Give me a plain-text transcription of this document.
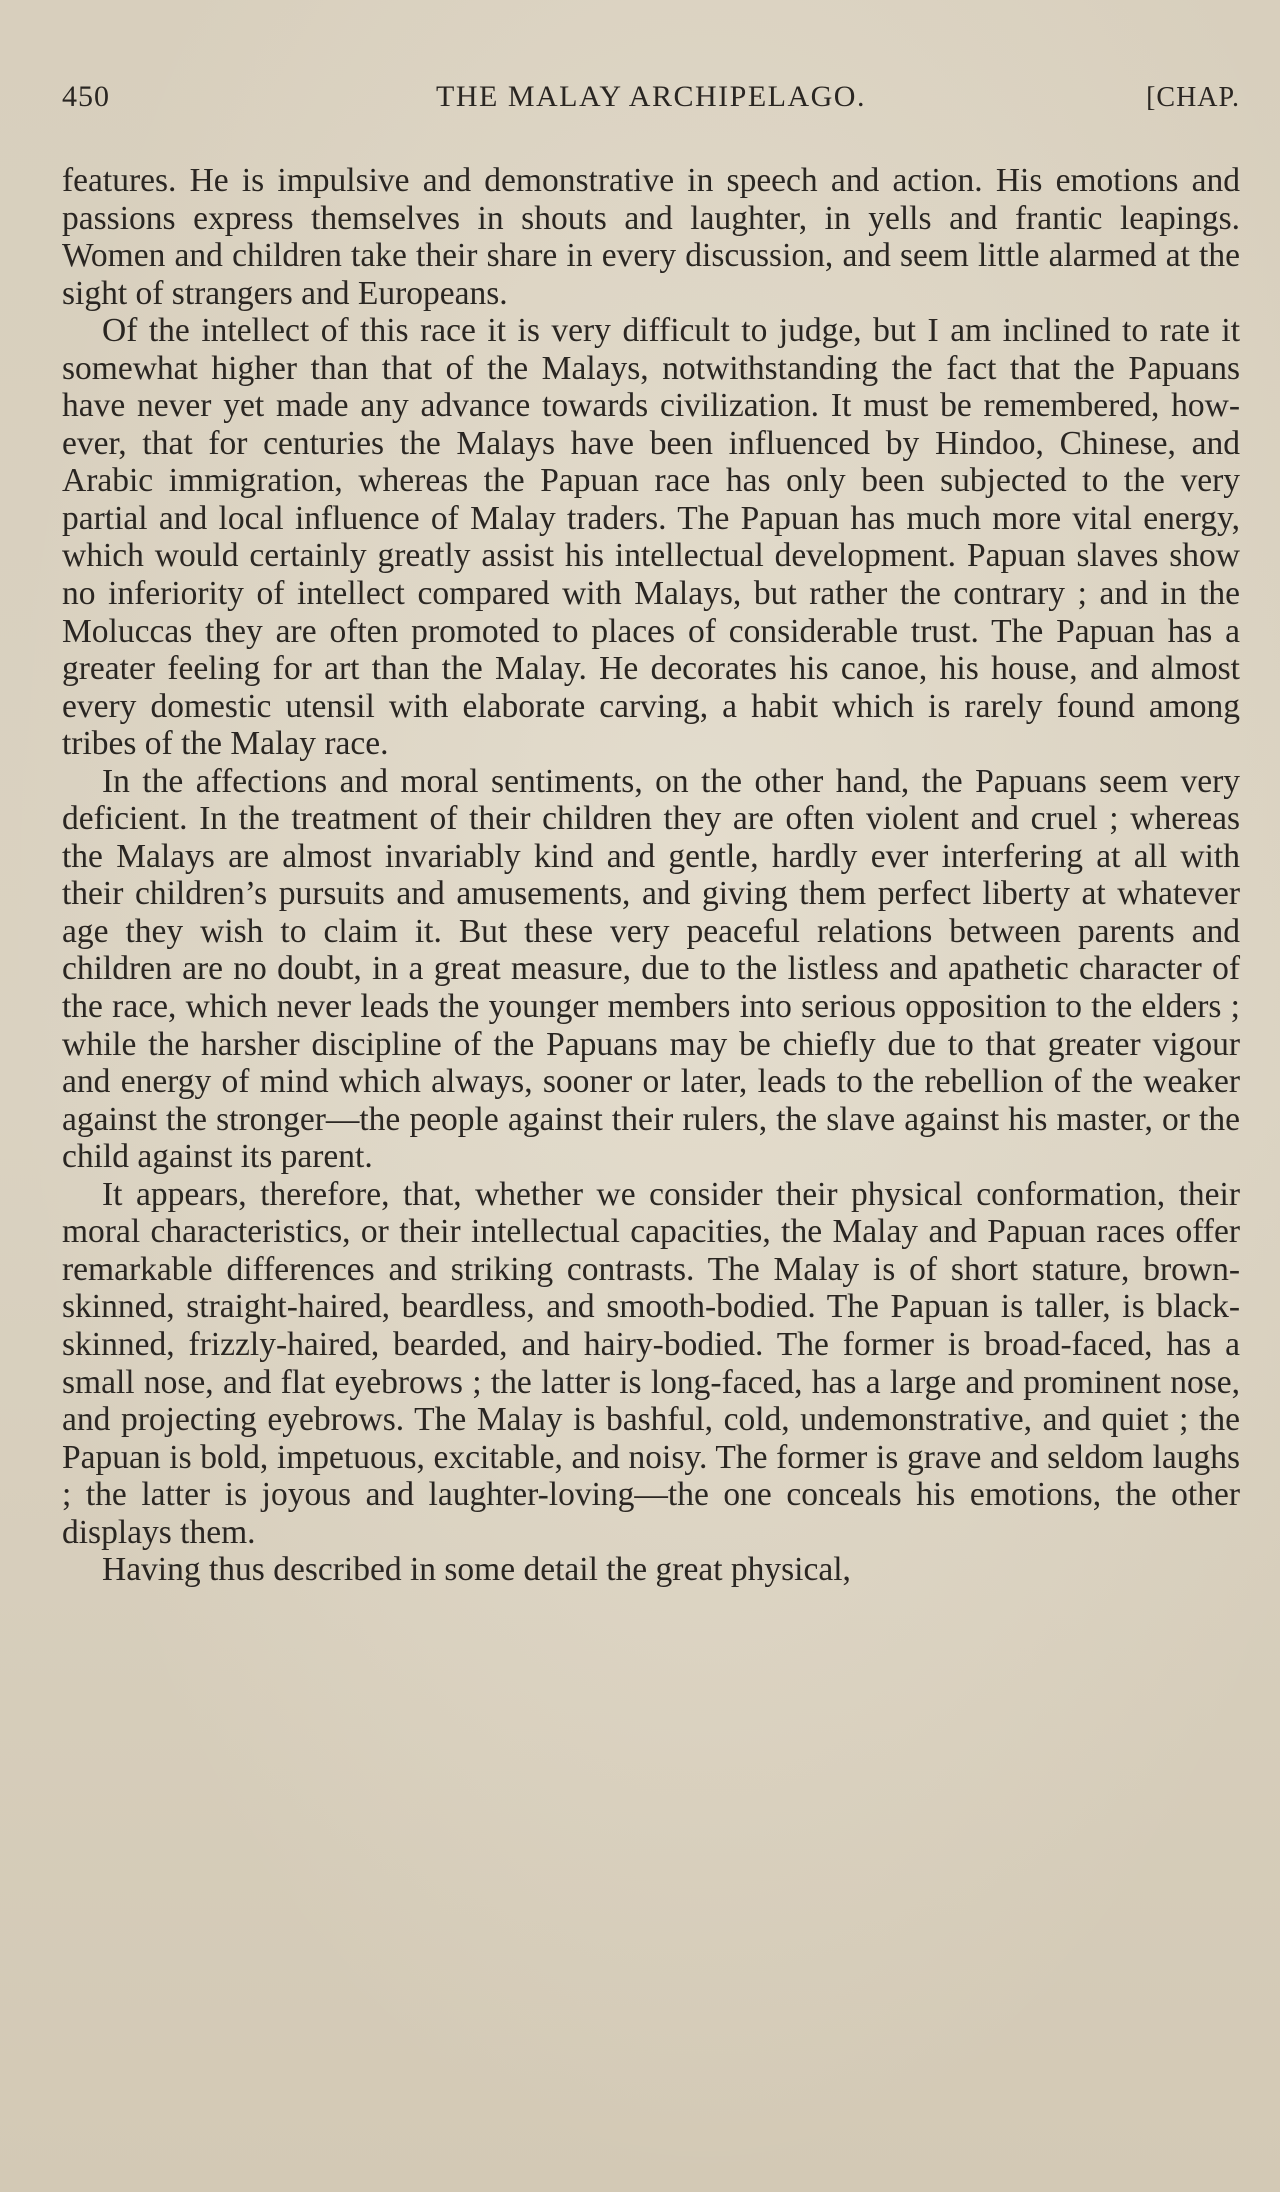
450	THE MALAY ARCHIPELAGO.	[CHAP.

features. He is impulsive and demonstrative in speech and action. His emotions and passions express themselves in shouts and laughter, in yells and frantic leapings. Women and children take their share in every discussion, and seem little alarmed at the sight of strangers and Europeans.

Of the intellect of this race it is very difficult to judge, but I am inclined to rate it somewhat higher than that of the Malays, notwithstanding the fact that the Papuans have never yet made any advance towards civilization. It must be remembered, however, that for centuries the Malays have been influenced by Hindoo, Chinese, and Arabic immigration, whereas the Papuan race has only been subjected to the very partial and local influence of Malay traders. The Papuan has much more vital energy, which would certainly greatly assist his intellectual development. Papuan slaves show no inferiority of intellect compared with Malays, but rather the contrary ; and in the Moluccas they are often promoted to places of considerable trust. The Papuan has a greater feeling for art than the Malay. He decorates his canoe, his house, and almost every domestic utensil with elaborate carving, a habit which is rarely found among tribes of the Malay race.

In the affections and moral sentiments, on the other hand, the Papuans seem very deficient. In the treatment of their children they are often violent and cruel ; whereas the Malays are almost invariably kind and gentle, hardly ever interfering at all with their children’s pursuits and amusements, and giving them perfect liberty at whatever age they wish to claim it. But these very peaceful relations between parents and children are no doubt, in a great measure, due to the listless and apathetic character of the race, which never leads the younger members into serious opposition to the elders ; while the harsher discipline of the Papuans may be chiefly due to that greater vigour and energy of mind which always, sooner or later, leads to the rebellion of the weaker against the stronger—the people against their rulers, the slave against his master, or the child against its parent.

It appears, therefore, that, whether we consider their physical conformation, their moral characteristics, or their intellectual capacities, the Malay and Papuan races offer remarkable differences and striking contrasts. The Malay is of short stature, brown-skinned, straight-haired, beardless, and smooth-bodied. The Papuan is taller, is black-skinned, frizzly-haired, bearded, and hairy-bodied. The former is broad-faced, has a small nose, and flat eyebrows ; the latter is long-faced, has a large and prominent nose, and projecting eyebrows. The Malay is bashful, cold, undemonstrative, and quiet ; the Papuan is bold, impetuous, excitable, and noisy. The former is grave and seldom laughs ; the latter is joyous and laughter-loving—the one conceals his emotions, the other displays them.

Having thus described in some detail the great physical,
